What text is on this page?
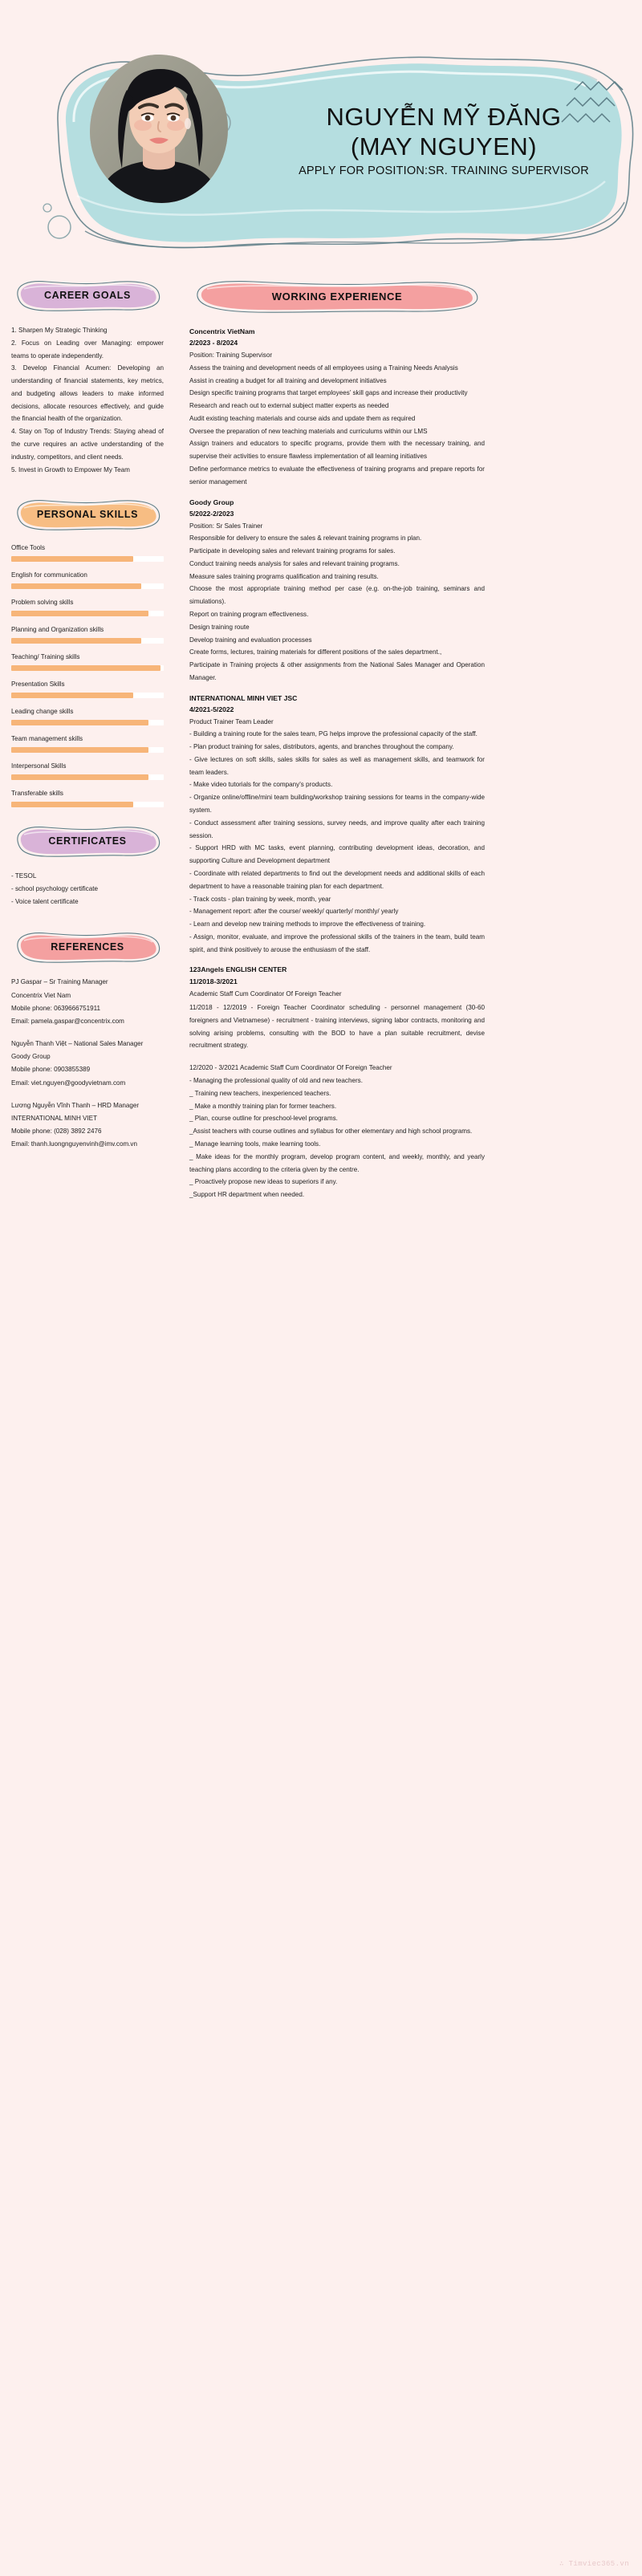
NGUYỄN MỸ ĐĂNG
(MAY NGUYEN)
APPLY FOR POSITION:SR. TRAINING SUPERVISOR
CAREER GOALS
1. Sharpen My Strategic Thinking
2. Focus on Leading over Managing: empower teams to operate independently.
3. Develop Financial Acumen: Developing an understanding of financial statements, key metrics, and budgeting allows leaders to make informed decisions, allocate resources effectively, and guide the financial health of the organization.
4. Stay on Top of Industry Trends: Staying ahead of the curve requires an active understanding of the industry, competitors, and client needs.
5. Invest in Growth to Empower My Team
PERSONAL SKILLS
Office Tools
English for communication
Problem solving skills
Planning and Organization skills
Teaching/ Training skills
Presentation Skills
Leading change skills
Team management skills
Interpersonal Skills
Transferable skills
CERTIFICATES
- TESOL
- school psychology certificate
- Voice talent certificate
REFERENCES
PJ Gaspar – Sr Training Manager
Concentrix Viet Nam
Mobile phone: 0639666751911
Email: pamela.gaspar@concentrix.com
Nguyễn Thanh Việt – National Sales Manager
Goody Group
Mobile phone: 0903855389
Email: viet.nguyen@goodyvietnam.com
Lương Nguyễn Vĩnh Thanh – HRD Manager
INTERNATIONAL MINH VIET
Mobile phone: (028) 3892 2476
Email: thanh.luongnguyenvinh@imv.com.vn
WORKING EXPERIENCE
Concentrix VietNam
2/2023 - 8/2024
Position: Training Supervisor
Assess the training and development needs of all employees using a Training Needs Analysis
Assist in creating a budget for all training and development initiatives
Design specific training programs that target employees’ skill gaps and increase their productivity
Research and reach out to external subject matter experts as needed
Audit existing teaching materials and course aids and update them as required
Oversee the preparation of new teaching materials and curriculums within our LMS
Assign trainers and educators to specific programs, provide them with the necessary training, and supervise their activities to ensure flawless implementation of all learning initiatives
Define performance metrics to evaluate the effectiveness of training programs and prepare reports for senior management
Goody Group
5/2022-2/2023
Position: Sr Sales Trainer
Responsible for delivery to ensure the sales & relevant training programs in plan.
Participate in developing sales and relevant training programs for sales.
Conduct training needs analysis for sales and relevant training programs.
Measure sales training programs qualification and training results.
Choose the most appropriate training method per case (e.g. on-the-job training, seminars and simulations).
Report on training program effectiveness.
Design training route
Develop training and evaluation processes
Create forms, lectures, training materials for different positions of the sales department.,
Participate in Training projects & other assignments from the National Sales Manager and Operation Manager.
INTERNATIONAL MINH VIET JSC
4/2021-5/2022
Product Trainer Team Leader
- Building a training route for the sales team, PG helps improve the professional capacity of the staff.
- Plan product training for sales, distributors, agents, and branches throughout the company.
- Give lectures on soft skills, sales skills for sales as well as management skills, and teamwork for team leaders.
- Make video tutorials for the company's products.
- Organize online/offline/mini team building/workshop training sessions for teams in the company-wide system.
- Conduct assessment after training sessions, survey needs, and improve quality after each training session.
- Support HRD with MC tasks, event planning, contributing development ideas, decoration, and supporting Culture and Development department
- Coordinate with related departments to find out the development needs and additional skills of each department to have a reasonable training plan for each department.
- Track costs - plan training by week, month, year
- Management report: after the course/ weekly/ quarterly/ monthly/ yearly
- Learn and develop new training methods to improve the effectiveness of training.
- Assign, monitor, evaluate, and improve the professional skills of the trainers in the team, build team spirit, and think positively to arouse the enthusiasm of the staff.
123Angels ENGLISH CENTER
11/2018-3/2021
Academic Staff Cum Coordinator Of Foreign Teacher
11/2018 - 12/2019 - Foreign Teacher Coordinator scheduling - personnel management (30-60 foreigners and Vietnamese) - recruitment - training interviews, signing labor contracts, monitoring and solving arising problems, consulting with the BOD to have a plan suitable recruitment, devise recruitment strategy.
12/2020 - 3/2021 Academic Staff Cum Coordinator Of Foreign Teacher
- Managing the professional quality of old and new teachers.
_ Training new teachers, inexperienced teachers.
_ Make a monthly training plan for former teachers.
_ Plan, course outline for preschool-level programs.
_Assist teachers with course outlines and syllabus for other elementary and high school programs.
_ Manage learning tools, make learning tools.
_ Make ideas for the monthly program, develop program content, and weekly, monthly, and yearly teaching plans according to the criteria given by the centre.
_ Proactively propose new ideas to superiors if any.
_Support HR department when needed.
∴ Timviec365.vn
